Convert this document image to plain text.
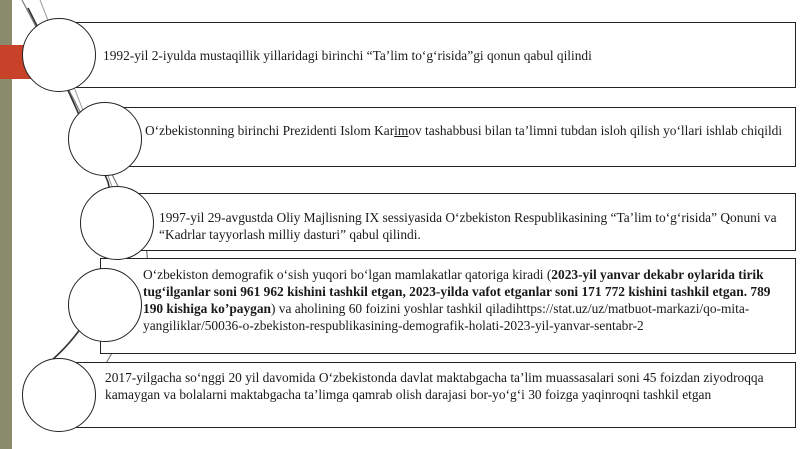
1992-yil 2-iyulda mustaqillik yillaridagi birinchi “Ta’lim to‘g‘risida”gi qonun qabul qilindi
O‘zbekistonning birinchi Prezidenti Islom Karimov tashabbusi bilan ta’limni tubdan isloh qilish yo‘llari ishlab chiqildi
1997-yil 29-avgustda Oliy Majlisning IX sessiyasida O‘zbekiston Respublikasining “Ta’lim to‘g‘risida” Qonuni va “Kadrlar tayyorlash milliy dasturi” qabul qilindi.
O‘zbekiston demografik o‘sish yuqori bo‘lgan mamlakatlar qatoriga kiradi (2023-yil yanvar dekabr oylarida tirik tug‘ilganlar soni 961 962 kishini tashkil etgan, 2023-yilda vafot etganlar soni 171 772 kishini tashkil etgan. 789 190 kishiga ko’paygan) va aholining 60 foizini yoshlar tashkil qiladihttps://stat.uz/uz/matbuot-markazi/qo-mita-yangiliklar/50036-o-zbekiston-respublikasining-demografik-holati-2023-yil-yanvar-sentabr-2
2017-yilgacha so‘nggi 20 yil davomida O‘zbekistonda davlat maktabgacha ta’lim muassasalari soni 45 foizdan ziyodroqqa kamaygan va bolalarni maktabgacha ta’limga qamrab olish darajasi bor-yo‘g‘i 30 foizga yaqinroqni tashkil etgan
